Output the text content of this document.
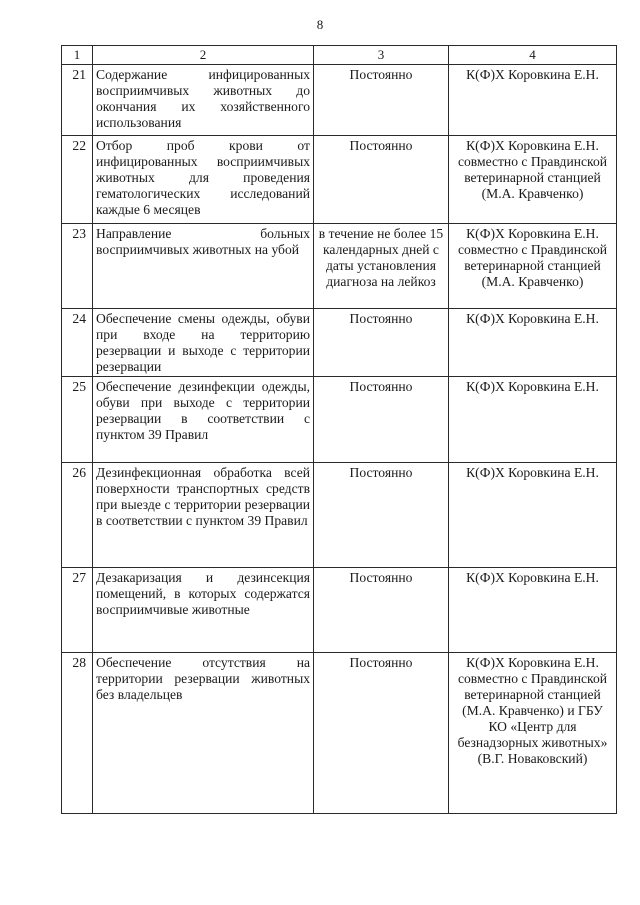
8
1	2	3	4
21	Содержание инфицированных восприимчивых животных до окончания их хозяйственного использования	Постоянно	К(Ф)Х Коровкина Е.Н.
22	Отбор проб крови от инфицированных восприимчивых животных для проведения гематологических исследований каждые 6 месяцев	Постоянно	К(Ф)Х Коровкина Е.Н. совместно с Правдинской ветеринарной станцией (М.А. Кравченко)
23	Направление больных восприимчивых животных на убой	в течение не более 15 календарных дней с даты установления диагноза на лейкоз	К(Ф)Х Коровкина Е.Н. совместно с Правдинской ветеринарной станцией (М.А. Кравченко)
24	Обеспечение смены одежды, обуви при входе на территорию резервации и выходе с территории резервации	Постоянно	К(Ф)Х Коровкина Е.Н.
25	Обеспечение дезинфекции одежды, обуви при выходе с территории резервации в соответствии с пунктом 39 Правил	Постоянно	К(Ф)Х Коровкина Е.Н.
26	Дезинфекционная обработка всей поверхности транспортных средств при выезде с территории резервации в соответствии с пунктом 39 Правил	Постоянно	К(Ф)Х Коровкина Е.Н.
27	Дезакаризация и дезинсекция помещений, в которых содержатся восприимчивые животные	Постоянно	К(Ф)Х Коровкина Е.Н.
28	Обеспечение отсутствия на территории резервации животных без владельцев	Постоянно	К(Ф)Х Коровкина Е.Н. совместно с Правдинской ветеринарной станцией (М.А. Кравченко) и ГБУ КО «Центр для безнадзорных животных» (В.Г. Новаковский)
